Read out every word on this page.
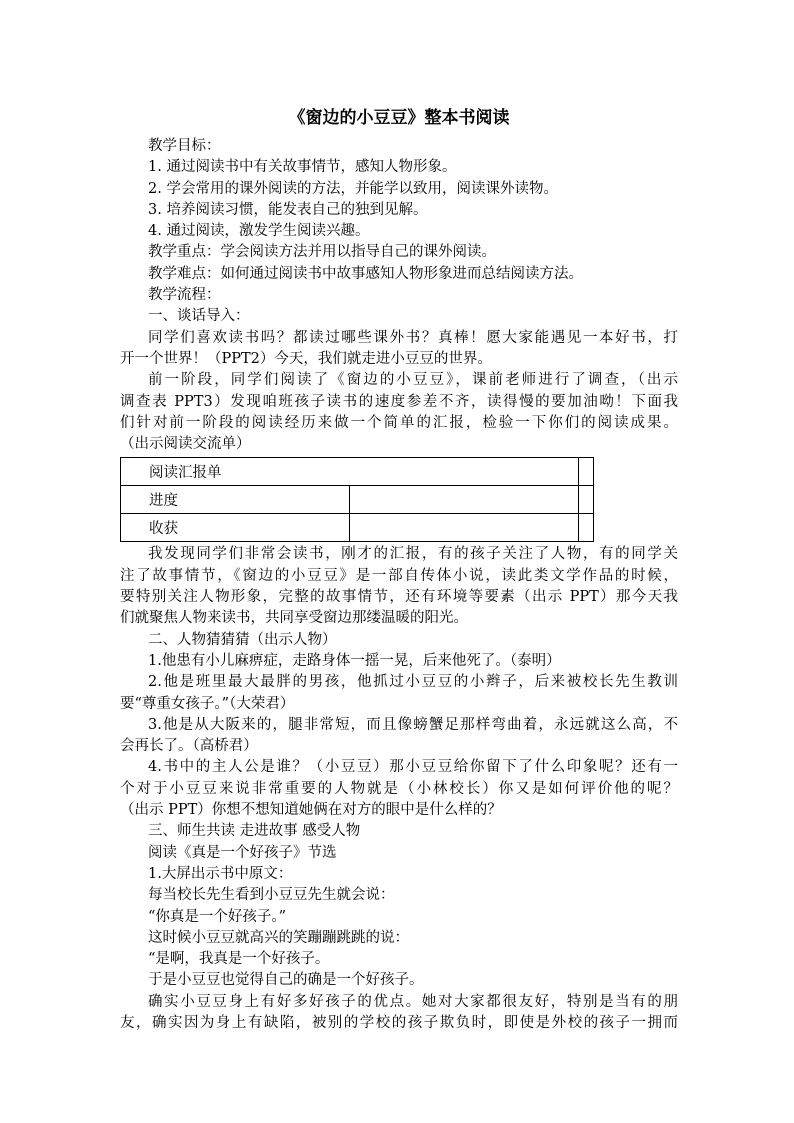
《窗边的小豆豆》整本书阅读
教学目标：
1. 通过阅读书中有关故事情节，感知人物形象。
2. 学会常用的课外阅读的方法，并能学以致用，阅读课外读物。
3. 培养阅读习惯，能发表自己的独到见解。
4. 通过阅读，激发学生阅读兴趣。
教学重点：学会阅读方法并用以指导自己的课外阅读。
教学难点：如何通过阅读书中故事感知人物形象进而总结阅读方法。
教学流程：
一、谈话导入：
同学们喜欢读书吗？都读过哪些课外书？真棒！愿大家能遇见一本好书，打
开一个世界！（PPT2）今天，我们就走进小豆豆的世界。
前一阶段，同学们阅读了《窗边的小豆豆》，课前老师进行了调查，（出示
调查表 PPT3）发现咱班孩子读书的速度参差不齐，读得慢的要加油呦！下面我
们针对前一阶段的阅读经历来做一个简单的汇报，检验一下你们的阅读成果。
（出示阅读交流单）
阅读汇报单		
进度		
收获		
我发现同学们非常会读书，刚才的汇报，有的孩子关注了人物，有的同学关
注了故事情节，《窗边的小豆豆》是一部自传体小说，读此类文学作品的时候，
要特别关注人物形象，完整的故事情节，还有环境等要素（出示 PPT）那今天我
们就聚焦人物来读书，共同享受窗边那缕温暖的阳光。
二、人物猜猜猜（出示人物）
1.他患有小儿麻痹症，走路身体一摇一晃，后来他死了。（泰明）
2.他是班里最大最胖的男孩，他抓过小豆豆的小辫子，后来被校长先生教训
要“尊重女孩子。”（大荣君）
3.他是从大阪来的，腿非常短，而且像螃蟹足那样弯曲着，永远就这么高，不
会再长了。（高桥君）
4.书中的主人公是谁？（小豆豆）那小豆豆给你留下了什么印象呢？还有一
个对于小豆豆来说非常重要的人物就是（小林校长）你又是如何评价他的呢？
（出示 PPT）你想不想知道她俩在对方的眼中是什么样的？
三、师生共读 走进故事 感受人物
阅读《真是一个好孩子》节选
1.大屏出示书中原文：
每当校长先生看到小豆豆先生就会说：
“你真是一个好孩子。”
这时候小豆豆就高兴的笑蹦蹦跳跳的说：
“是啊，我真是一个好孩子。
于是小豆豆也觉得自己的确是一个好孩子。
确实小豆豆身上有好多好孩子的优点。她对大家都很友好，特别是当有的朋
友，确实因为身上有缺陷，被别的学校的孩子欺负时，即使是外校的孩子一拥而
